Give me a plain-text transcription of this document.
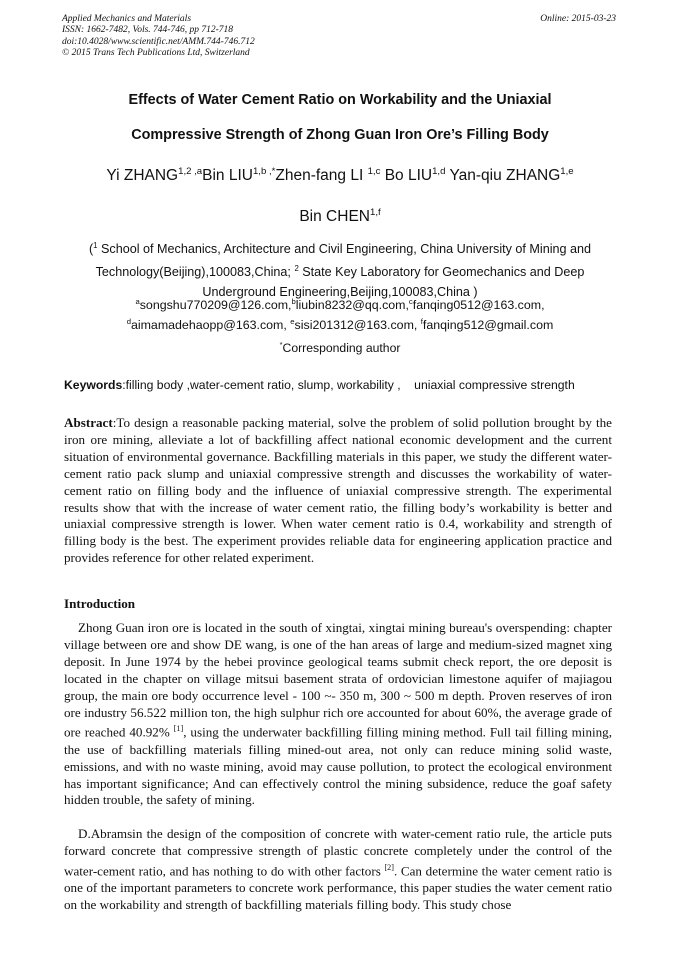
Applied Mechanics and Materials
ISSN: 1662-7482, Vols. 744-746, pp 712-718
doi:10.4028/www.scientific.net/AMM.744-746.712
© 2015 Trans Tech Publications Ltd, Switzerland
Online: 2015-03-23
Effects of Water Cement Ratio on Workability and the Uniaxial
Compressive Strength of Zhong Guan Iron Ore’s Filling Body
Yi ZHANG$^{1,2 ,a}$Bin $LIU^{1,b ,*}Zhen$-fang LI $^{1,c}$ Bo LIU$^{1,d}$ Yan-qiu ZHANG$^{1,e}$
Bin CHEN$^{1,f}$
($^1$ School of Mechanics, Architecture and Civil Engineering, China University of Mining and Technology(Beijing),100083,China; $^2$ State Key Laboratory for Geomechanics and Deep Underground Engineering,Beijing,100083,China )
$^a$songshu770209@126.com,$^b$liubin8232@qq.com,$^c$fanqing0512@163.com,
$^d$aimamadehaopp@163.com, $^e$sisi201312@163.com, $^f$fanqing512@gmail.com
*Corresponding author
Keywords:filling body ,water-cement ratio, slump, workability ,    uniaxial compressive strength

Abstract:To design a reasonable packing material, solve the problem of solid pollution brought by the iron ore mining, alleviate a lot of backfilling affect national economic development and the current situation of environmental governance. Backfilling materials in this paper, we study the different water-cement ratio pack slump and uniaxial compressive strength and discusses the workability of water-cement ratio on filling body and the influence of uniaxial compressive strength. The experimental results show that with the increase of water cement ratio, the filling body’s workability is better and uniaxial compressive strength is lower. When water cement ratio is 0.4, workability and strength of filling body is the best. The experiment provides reliable data for engineering application practice and provides reference for other related experiment.

Introduction

Zhong Guan iron ore is located in the south of xingtai, xingtai mining bureau's overspending: chapter village between ore and show DE wang, is one of the han areas of large and medium-sized magnet xing deposit. In June 1974 by the hebei province geological teams submit check report, the ore deposit is located in the chapter on village mitsui basement strata of ordovician limestone aquifer of majiagou group, the main ore body occurrence level - 100 ~- 350 m, 300 ~ 500 m depth. Proven reserves of iron ore industry 56.522 million ton, the high sulphur rich ore accounted for about 60%, the average grade of ore reached 40.92% [1], using the underwater backfilling filling mining method. Full tail filling mining, the use of backfilling materials filling mined-out area, not only can reduce mining solid waste, emissions, and with no waste mining, avoid may cause pollution, to protect the ecological environment has important significance; And can effectively control the mining subsidence, reduce the goaf safety hidden trouble, the safety of mining.

D.Abramsin the design of the composition of concrete with water-cement ratio rule, the article puts forward concrete that compressive strength of plastic concrete completely under the control of the water-cement ratio, and has nothing to do with other factors [2]. Can determine the water cement ratio is one of the important parameters to concrete work performance, this paper studies the water cement ratio on the workability and strength of backfilling materials filling body. This study chose
